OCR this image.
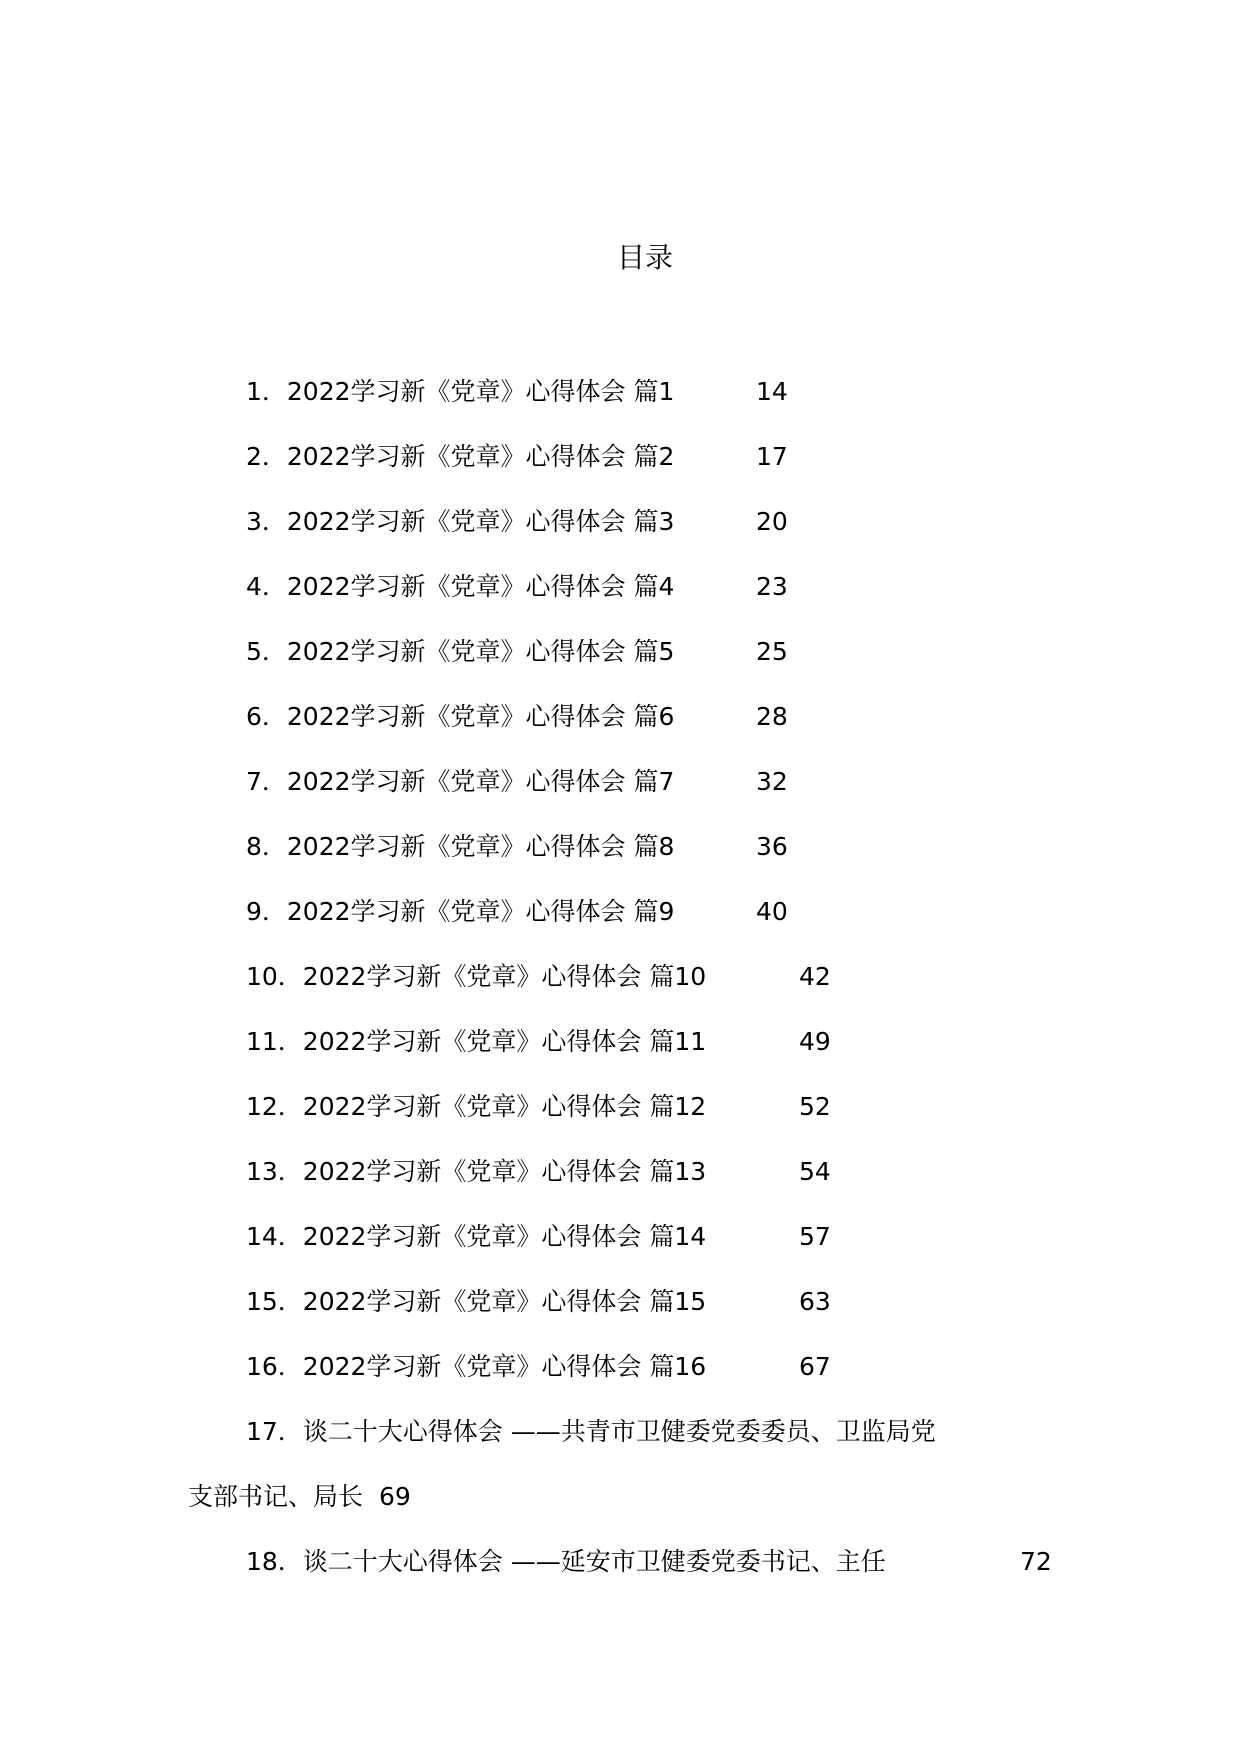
目录
1．2022学习新《党章》心得体会 篇1	14
2．2022学习新《党章》心得体会 篇2	17
3．2022学习新《党章》心得体会 篇3	20
4．2022学习新《党章》心得体会 篇4	23
5．2022学习新《党章》心得体会 篇5	25
6．2022学习新《党章》心得体会 篇6	28
7．2022学习新《党章》心得体会 篇7	32
8．2022学习新《党章》心得体会 篇8	36
9．2022学习新《党章》心得体会 篇9	40
10．2022学习新《党章》心得体会 篇10	42
11．2022学习新《党章》心得体会 篇11	49
12．2022学习新《党章》心得体会 篇12	52
13．2022学习新《党章》心得体会 篇13	54
14．2022学习新《党章》心得体会 篇14	57
15．2022学习新《党章》心得体会 篇15	63
16．2022学习新《党章》心得体会 篇16	67
17．谈二十大心得体会 ——共青市卫健委党委委员、卫监局党
支部书记、局长 69
18．谈二十大心得体会 ——延安市卫健委党委书记、主任	72
